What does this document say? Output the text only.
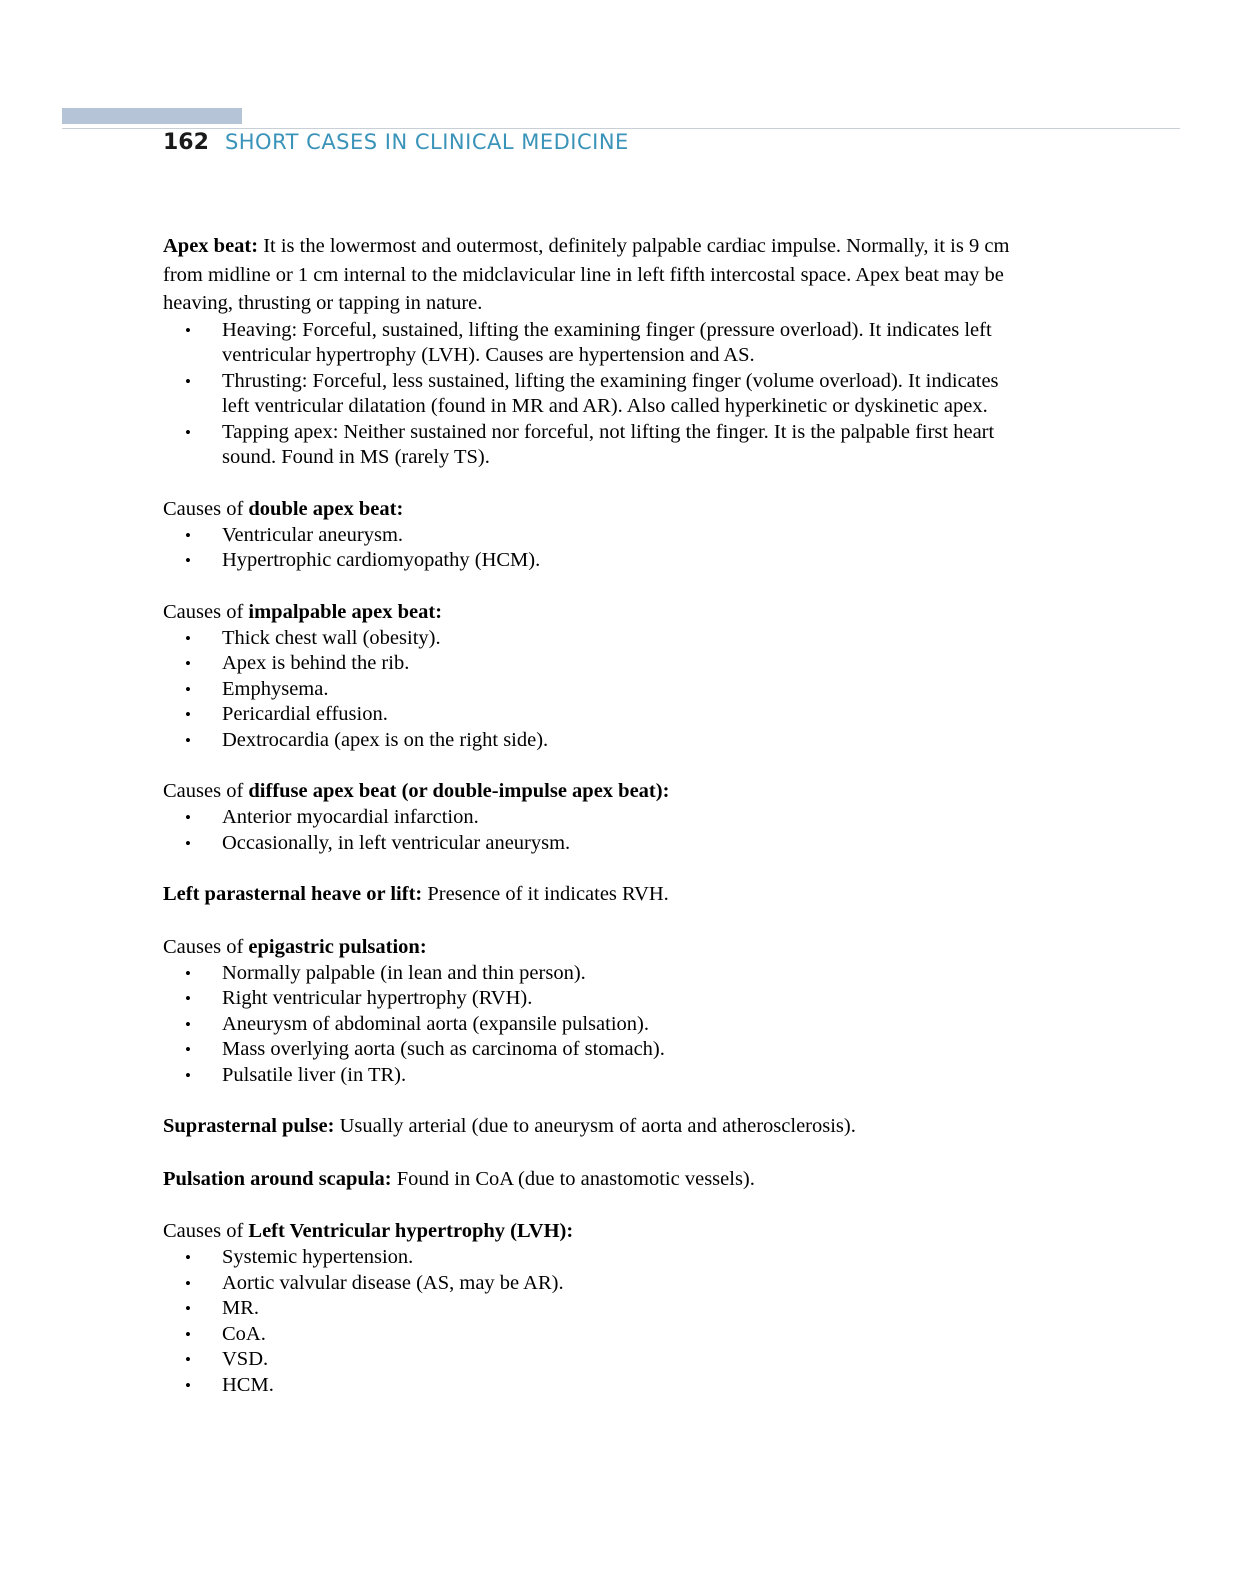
162 SHORT CASES IN CLINICAL MEDICINE

Apex beat: It is the lowermost and outermost, definitely palpable cardiac impulse. Normally, it is 9 cm from midline or 1 cm internal to the midclavicular line in left fifth intercostal space. Apex beat may be heaving, thrusting or tapping in nature.

• Heaving: Forceful, sustained, lifting the examining finger (pressure overload). It indicates left ventricular hypertrophy (LVH). Causes are hypertension and AS.
• Thrusting: Forceful, less sustained, lifting the examining finger (volume overload). It indicates left ventricular dilatation (found in MR and AR). Also called hyperkinetic or dyskinetic apex.
• Tapping apex: Neither sustained nor forceful, not lifting the finger. It is the palpable first heart sound. Found in MS (rarely TS).

Causes of double apex beat:

• Ventricular aneurysm.
• Hypertrophic cardiomyopathy (HCM).

Causes of impalpable apex beat:

• Thick chest wall (obesity).
• Apex is behind the rib.
• Emphysema.
• Pericardial effusion.
• Dextrocardia (apex is on the right side).

Causes of diffuse apex beat (or double-impulse apex beat):

• Anterior myocardial infarction.
• Occasionally, in left ventricular aneurysm.

Left parasternal heave or lift: Presence of it indicates RVH.

Causes of epigastric pulsation:

• Normally palpable (in lean and thin person).
• Right ventricular hypertrophy (RVH).
• Aneurysm of abdominal aorta (expansile pulsation).
• Mass overlying aorta (such as carcinoma of stomach).
• Pulsatile liver (in TR).

Suprasternal pulse: Usually arterial (due to aneurysm of aorta and atherosclerosis).

Pulsation around scapula: Found in CoA (due to anastomotic vessels).

Causes of Left Ventricular hypertrophy (LVH):

• Systemic hypertension.
• Aortic valvular disease (AS, may be AR).
• MR.
• CoA.
• VSD.
• HCM.
